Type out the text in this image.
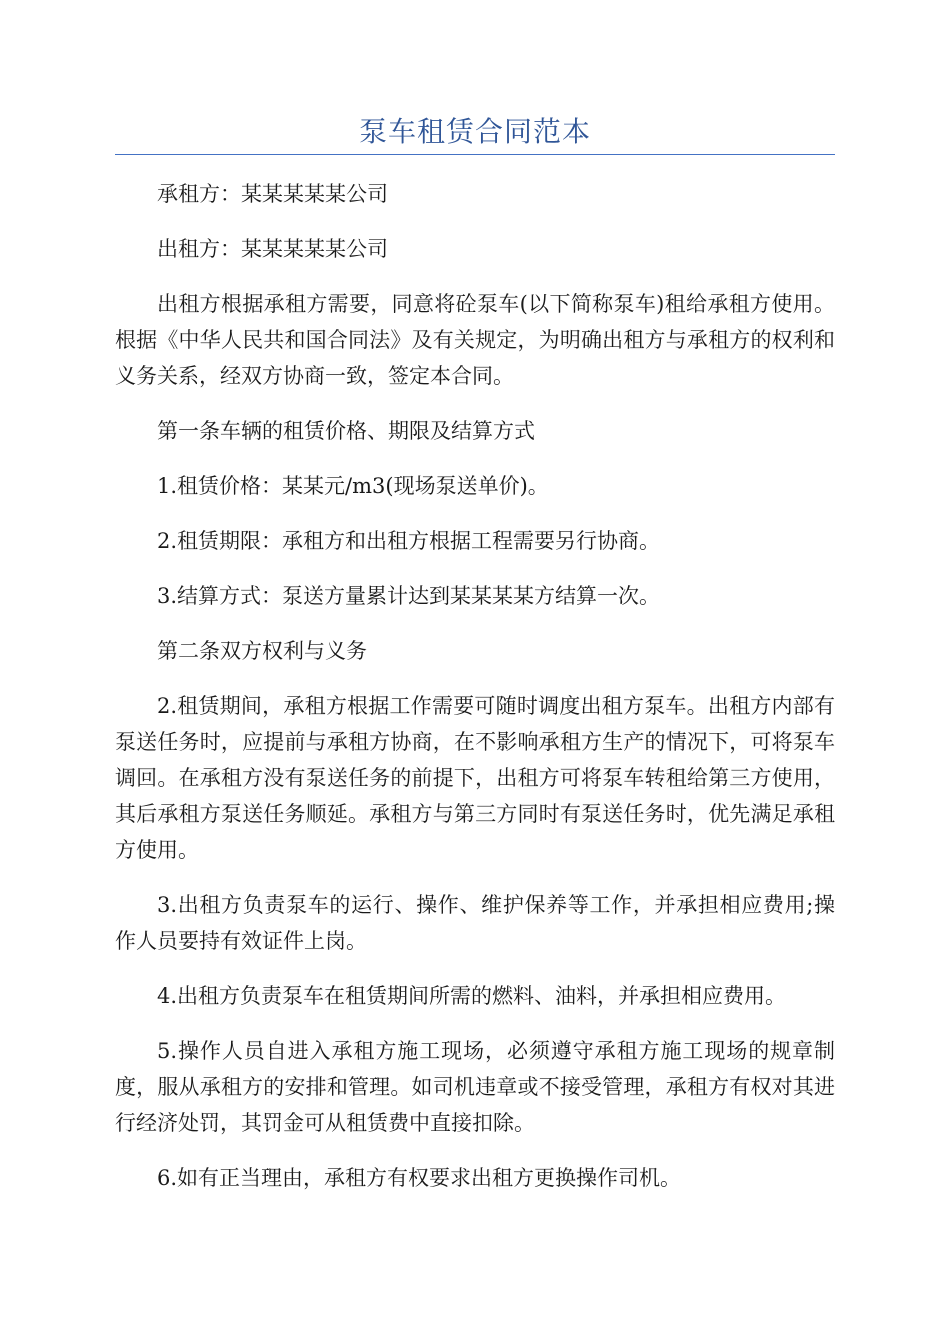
泵车租赁合同范本

承租方：某某某某某公司

出租方：某某某某某公司

出租方根据承租方需要，同意将砼泵车(以下简称泵车)租给承租方使用。根据《中华人民共和国合同法》及有关规定，为明确出租方与承租方的权利和义务关系，经双方协商一致，签定本合同。

第一条车辆的租赁价格、期限及结算方式

1.租赁价格：某某元/m3(现场泵送单价)。

2.租赁期限：承租方和出租方根据工程需要另行协商。

3.结算方式：泵送方量累计达到某某某某方结算一次。

第二条双方权利与义务

2.租赁期间，承租方根据工作需要可随时调度出租方泵车。出租方内部有泵送任务时，应提前与承租方协商，在不影响承租方生产的情况下，可将泵车调回。在承租方没有泵送任务的前提下，出租方可将泵车转租给第三方使用，其后承租方泵送任务顺延。承租方与第三方同时有泵送任务时，优先满足承租方使用。

3.出租方负责泵车的运行、操作、维护保养等工作，并承担相应费用;操作人员要持有效证件上岗。

4.出租方负责泵车在租赁期间所需的燃料、油料，并承担相应费用。

5.操作人员自进入承租方施工现场，必须遵守承租方施工现场的规章制度，服从承租方的安排和管理。如司机违章或不接受管理，承租方有权对其进行经济处罚，其罚金可从租赁费中直接扣除。

6.如有正当理由，承租方有权要求出租方更换操作司机。
